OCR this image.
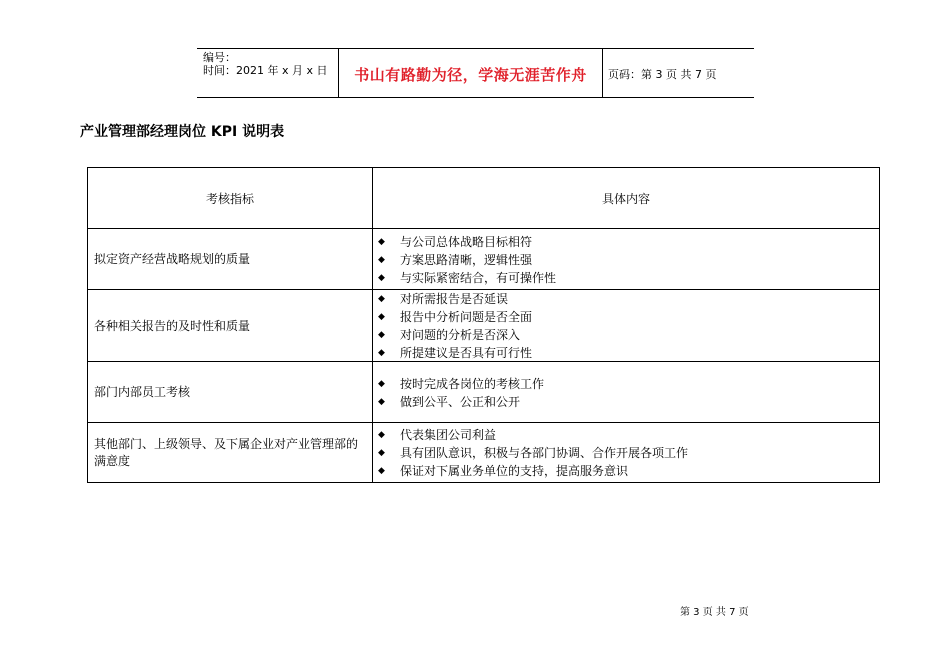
编号：
时间：2021 年 x 月 x 日	书山有路勤为径，学海无涯苦作舟	页码：第 3 页 共 7 页
产业管理部经理岗位 KPI 说明表
考核指标	具体内容
拟定资产经营战略规划的质量
◆	与公司总体战略目标相符
◆	方案思路清晰，逻辑性强
◆	与实际紧密结合，有可操作性
各种相关报告的及时性和质量
◆	对所需报告是否延误
◆	报告中分析问题是否全面
◆	对问题的分析是否深入
◆	所提建议是否具有可行性
部门内部员工考核
◆	按时完成各岗位的考核工作
◆	做到公平、公正和公开
其他部门、上级领导、及下属企业对产业管理部的满意度
◆	代表集团公司利益
◆	具有团队意识，积极与各部门协调、合作开展各项工作
◆	保证对下属业务单位的支持，提高服务意识
第 3 页 共 7 页
